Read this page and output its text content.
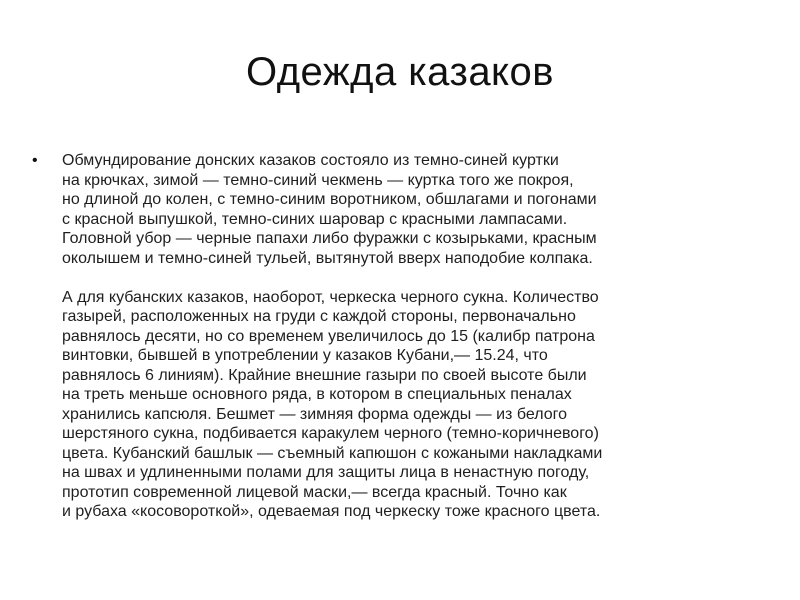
Одежда казаков
•	Обмундирование донских казаков состояло из темно-синей куртки
на крючках, зимой — темно-синий чекмень — куртка того же покроя,
но длиной до колен, с темно-синим воротником, обшлагами и погонами
с красной выпушкой, темно-синих шаровар с красными лампасами.
Головной убор — черные папахи либо фуражки с козырьками, красным
околышем и темно-синей тульей, вытянутой вверх наподобие колпака.

А для кубанских казаков, наоборот, черкеска черного сукна. Количество
газырей, расположенных на груди с каждой стороны, первоначально
равнялось десяти, но со временем увеличилось до 15 (калибр патрона
винтовки, бывшей в употреблении у казаков Кубани,— 15.24, что
равнялось 6 линиям). Крайние внешние газыри по своей высоте были
на треть меньше основного ряда, в котором в специальных пеналах
хранились капсюля. Бешмет — зимняя форма одежды — из белого
шерстяного сукна, подбивается каракулем черного (темно-коричневого)
цвета. Кубанский башлык — съемный капюшон с кожаными накладками
на швах и удлиненными полами для защиты лица в ненастную погоду,
прототип современной лицевой маски,— всегда красный. Точно как
и рубаха «косовороткой», одеваемая под черкеску тоже красного цвета.
